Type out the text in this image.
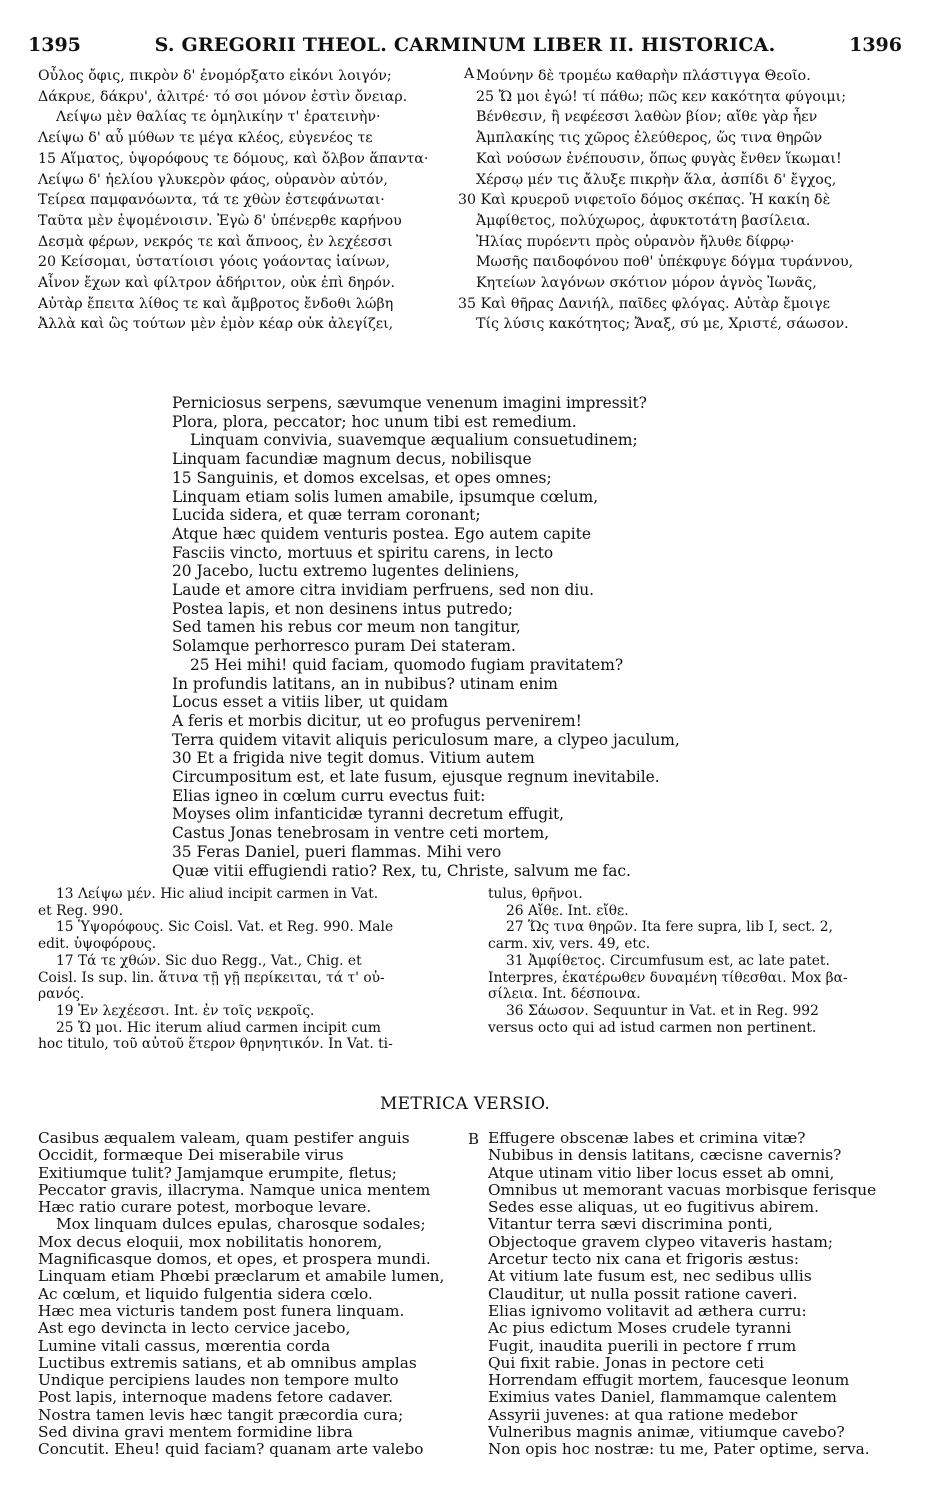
1395	S. GREGORII THEOL. CARMINUM LIBER II. HISTORICA.	1396
A
Οὖλος ὄφις, πικρὸν δ' ἐνομόρξατο εἰκόνι λοιγόν;
Δάκρυε, δάκρυ', ἀλιτρέ· τό σοι μόνον ἐστὶν ὄνειαρ.
Λείψω μὲν θαλίας τε ὁμηλικίην τ' ἐρατεινὴν·
Λείψω δ' αὖ μύθων τε μέγα κλέος, εὐγενέος τε
15 Αἵματος, ὑψορόφους τε δόμους, καὶ ὄλβον ἅπαντα·
Λείψω δ' ἠελίου γλυκερὸν φάος, οὐρανὸν αὐτόν,
Τείρεα παμφανόωντα, τά τε χθὼν ἐστεφάνωται·
Ταῦτα μὲν ἐψομένοισιν. Ἐγὼ δ' ὑπένερθε καρήνου
Δεσμὰ φέρων, νεκρός τε καὶ ἄπνοος, ἐν λεχέεσσι
20 Κείσομαι, ὑστατίοισι γόοις γοάοντας ἰαίνων,
Αἶνον ἔχων καὶ φίλτρον ἀδήριτον, οὐκ ἐπὶ δηρόν.
Αὐτὰρ ἔπειτα λίθος τε καὶ ἄμβροτος ἔνδοθι λώβη
Ἀλλὰ καὶ ὣς τούτων μὲν ἐμὸν κέαρ οὐκ ἀλεγίζει,
Μούνην δὲ τρομέω καθαρὴν πλάστιγγα Θεοῖο.
25 Ὤ μοι ἐγώ! τί πάθω; πῶς κεν κακότητα φύγοιμι;
Βένθεσιν, ἢ νεφέεσσι λαθὼν βίον; αἴθε γὰρ ἦεν
Ἀμπλακίης τις χῶρος ἐλεύθερος, ὥς τινα θηρῶν
Καὶ νούσων ἐνέπουσιν, ὅπως φυγὰς ἔνθεν ἵκωμαι!
Χέρσῳ μέν τις ἄλυξε πικρὴν ἅλα, ἀσπίδι δ' ἔγχος,
30 Καὶ κρυεροῦ νιφετοῖο δόμος σκέπας. Ἡ κακίη δὲ
Ἀμφίθετος, πολύχωρος, ἀφυκτοτάτη βασίλεια.
Ἠλίας πυρόεντι πρὸς οὐρανὸν ἤλυθε δίφρῳ·
Μωσῆς παιδοφόνου ποθ' ὑπέκφυγε δόγμα τυράννου,
Κητείων λαγόνων σκότιον μόρον ἁγνὸς Ἰωνᾶς,
35 Καὶ θῆρας Δανιήλ, παῖδες φλόγας. Αὐτὰρ ἔμοιγε
Τίς λύσις κακότητος; Ἄναξ, σύ με, Χριστέ, σάωσον.
Perniciosus serpens, sævumque venenum imagini impressit?
Plora, plora, peccator; hoc unum tibi est remedium.
Linquam convivia, suavemque æqualium consuetudinem;
Linquam facundiæ magnum decus, nobilisque
15 Sanguinis, et domos excelsas, et opes omnes;
Linquam etiam solis lumen amabile, ipsumque cœlum,
Lucida sidera, et quæ terram coronant;
Atque hæc quidem venturis postea. Ego autem capite
Fasciis vincto, mortuus et spiritu carens, in lecto
20 Jacebo, luctu extremo lugentes deliniens,
Laude et amore citra invidiam perfruens, sed non diu.
Postea lapis, et non desinens intus putredo;
Sed tamen his rebus cor meum non tangitur,
Solamque perhorresco puram Dei stateram.
25 Hei mihi! quid faciam, quomodo fugiam pravitatem?
In profundis latitans, an in nubibus? utinam enim
Locus esset a vitiis liber, ut quidam
A feris et morbis dicitur, ut eo profugus pervenirem!
Terra quidem vitavit aliquis periculosum mare, a clypeo jaculum,
30 Et a frigida nive tegit domus. Vitium autem
Circumpositum est, et late fusum, ejusque regnum inevitabile.
Elias igneo in cœlum curru evectus fuit:
Moyses olim infanticidæ tyranni decretum effugit,
Castus Jonas tenebrosam in ventre ceti mortem,
35 Feras Daniel, pueri flammas. Mihi vero
Quæ vitii effugiendi ratio? Rex, tu, Christe, salvum me fac.
13 Λείψω μέν. Hic aliud incipit carmen in Vat.
et Reg. 990.
15 Ὑψορόφους. Sic Coisl. Vat. et Reg. 990. Male
edit. ὑψοφόρους.
17 Τά τε χθών. Sic duo Regg., Vat., Chig. et
Coisl. Is sup. lin. ἅτινα τῇ γῇ περίκειται, τά τ' οὐ-
ρανός.
19 Ἐν λεχέεσσι. Int. ἐν τοῖς νεκροῖς.
25 Ὤ μοι. Hic iterum aliud carmen incipit cum
hoc titulo, τοῦ αὐτοῦ ἕτερον θρηνητικόν. In Vat. ti-
tulus, θρῆνοι.
26 Αἴθε. Int. εἴθε.
27 Ὥς τινα θηρῶν. Ita fere supra, lib I, sect. 2,
carm. xiv, vers. 49, etc.
31 Ἀμφίθετος. Circumfusum est, ac late patet.
Interpres, ἑκατέρωθεν δυναμένη τίθεσθαι. Mox βα-
σίλεια. Int. δέσποινα.
36 Σάωσον. Sequuntur in Vat. et in Reg. 992
versus octo qui ad istud carmen non pertinent.
METRICA VERSIO.
B
Casibus æqualem valeam, quam pestifer anguis
Occidit, formæque Dei miserabile virus
Exitiumque tulit? Jamjamque erumpite, fletus;
Peccator gravis, illacryma. Namque unica mentem
Hæc ratio curare potest, morboque levare.
Mox linquam dulces epulas, charosque sodales;
Mox decus eloquii, mox nobilitatis honorem,
Magnificasque domos, et opes, et prospera mundi.
Linquam etiam Phœbi præclarum et amabile lumen,
Ac cœlum, et liquido fulgentia sidera cœlo.
Hæc mea victuris tandem post funera linquam.
Ast ego devincta in lecto cervice jacebo,
Lumine vitali cassus, mœrentia corda
Luctibus extremis satians, et ab omnibus amplas
Undique percipiens laudes non tempore multo
Post lapis, internoque madens fetore cadaver.
Nostra tamen levis hæc tangit præcordia cura;
Sed divina gravi mentem formidine libra
Concutit. Eheu! quid faciam? quanam arte valebo
Effugere obscenæ labes et crimina vitæ?
Nubibus in densis latitans, cæcisne cavernis?
Atque utinam vitio liber locus esset ab omni,
Omnibus ut memorant vacuas morbisque ferisque
Sedes esse aliquas, ut eo fugitivus abirem.
Vitantur terra sævi discrimina ponti,
Objectoque gravem clypeo vitaveris hastam;
Arcetur tecto nix cana et frigoris æstus:
At vitium late fusum est, nec sedibus ullis
Clauditur, ut nulla possit ratione caveri.
Elias ignivomo volitavit ad æthera curru:
Ac pius edictum Moses crudele tyranni
Fugit, inaudita puerili in pectore f rrum
Qui fixit rabie. Jonas in pectore ceti
Horrendam effugit mortem, faucesque leonum
Eximius vates Daniel, flammamque calentem
Assyrii juvenes: at qua ratione medebor
Vulneribus magnis animæ, vitiumque cavebo?
Non opis hoc nostræ: tu me, Pater optime, serva.
